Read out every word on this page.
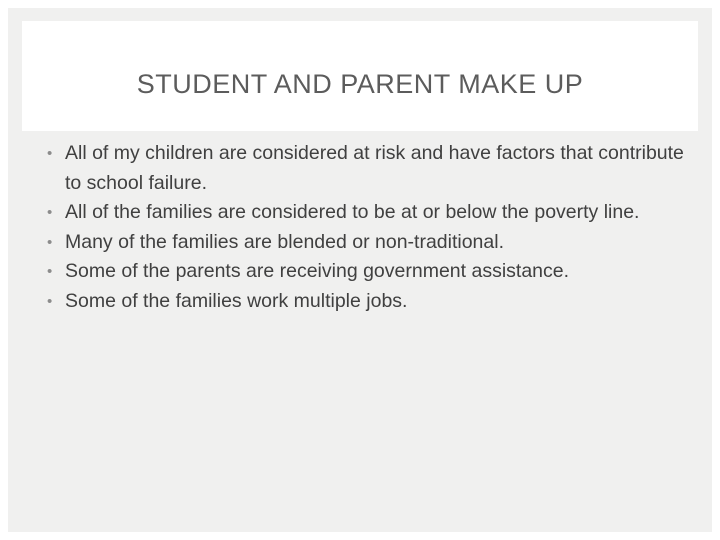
STUDENT AND PARENT MAKE UP
• All of my children are considered at risk and have factors that contribute to school failure.
• All of the families are considered to be at or below the poverty line.
• Many of the families are blended or non-traditional.
• Some of the parents are receiving government assistance.
• Some of the families work multiple jobs.
